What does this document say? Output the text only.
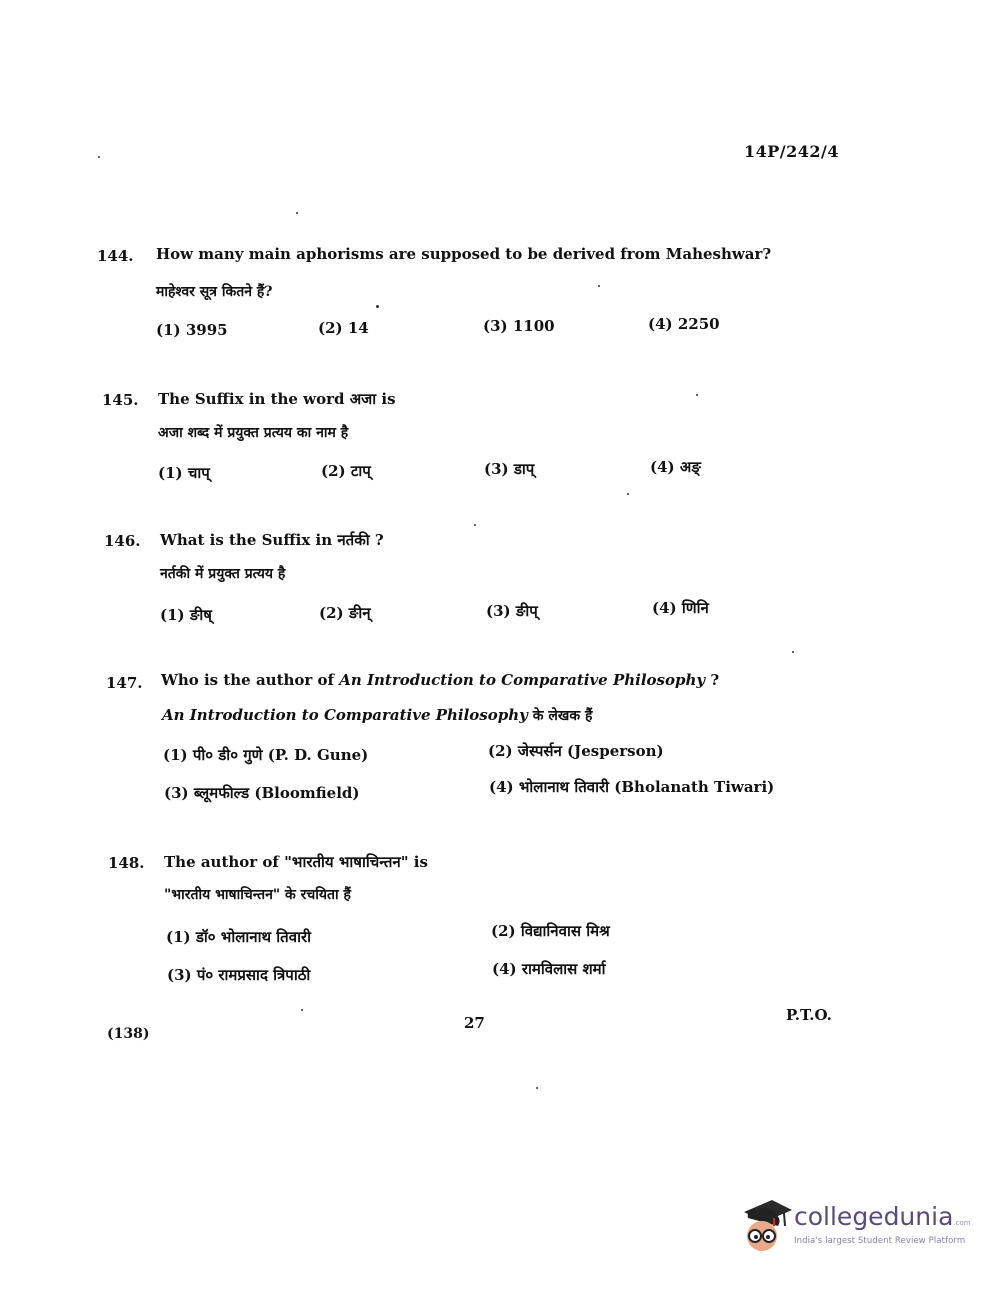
14P/242/4
144. How many main aphorisms are supposed to be derived from Maheshwar?
माहेश्वर सूत्र कितने हैं?
(1) 3995	(2) 14	(3) 1100	(4) 2250
145. The Suffix in the word अजा is
अजा शब्द में प्रयुक्त प्रत्यय का नाम है
(1) चाप्	(2) टाप्	(3) डाप्	(4) अङ्
146. What is the Suffix in नर्तकी ?
नर्तकी में प्रयुक्त प्रत्यय है
(1) ङीष्	(2) ङीन्	(3) ङीप्	(4) णिनि
147. Who is the author of An Introduction to Comparative Philosophy ?
An Introduction to Comparative Philosophy के लेखक हैं
(1) पी० डी० गुणे (P. D. Gune)	(2) जेस्पर्सन (Jesperson)
(3) ब्लूमफील्ड (Bloomfield)	(4) भोलानाथ तिवारी (Bholanath Tiwari)
148. The author of "भारतीय भाषाचिन्तन" is
"भारतीय भाषाचिन्तन" के रचयिता हैं
(1) डॉ० भोलानाथ तिवारी	(2) विद्यानिवास मिश्र
(3) पं० रामप्रसाद त्रिपाठी	(4) रामविलास शर्मा
(138)
27	P.T.O.
collegedunia.com
India's largest Student Review Platform
